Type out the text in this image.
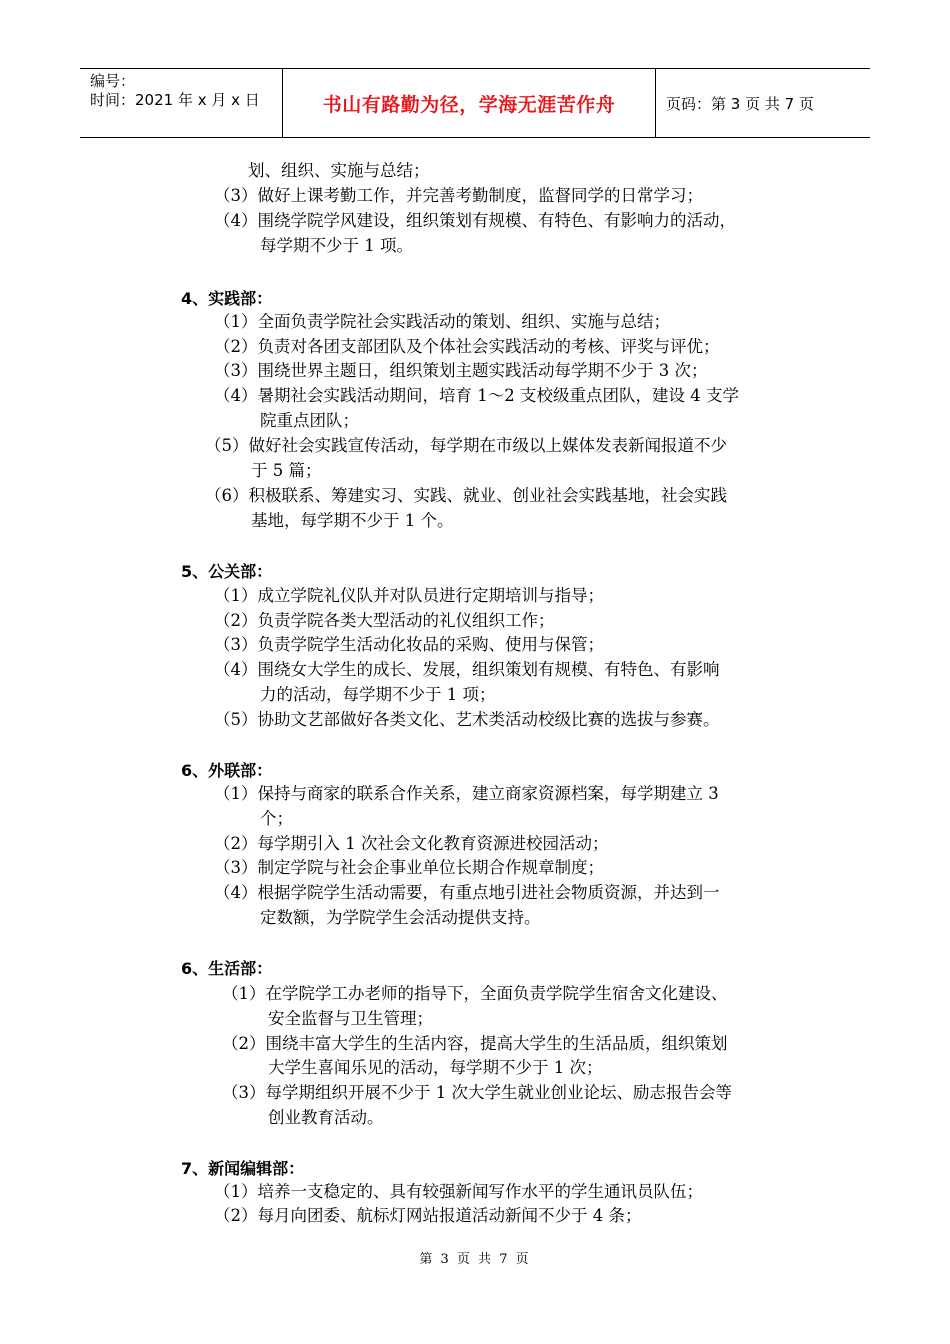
编号：
时间：2021 年 x 月 x 日	书山有路勤为径，学海无涯苦作舟	页码：第 3 页 共 7 页
划、组织、实施与总结；
（3）做好上课考勤工作，并完善考勤制度，监督同学的日常学习；
（4）围绕学院学风建设，组织策划有规模、有特色、有影响力的活动，
每学期不少于 1 项。
4、实践部：
（1）全面负责学院社会实践活动的策划、组织、实施与总结；
（2）负责对各团支部团队及个体社会实践活动的考核、评奖与评优；
（3）围绕世界主题日，组织策划主题实践活动每学期不少于 3 次；
（4）暑期社会实践活动期间，培育 1～2 支校级重点团队，建设 4 支学
院重点团队；
（5）做好社会实践宣传活动，每学期在市级以上媒体发表新闻报道不少
于 5 篇；
（6）积极联系、筹建实习、实践、就业、创业社会实践基地，社会实践
基地，每学期不少于 1 个。
5、公关部：
（1）成立学院礼仪队并对队员进行定期培训与指导；
（2）负责学院各类大型活动的礼仪组织工作；
（3）负责学院学生活动化妆品的采购、使用与保管；
（4）围绕女大学生的成长、发展，组织策划有规模、有特色、有影响
力的活动，每学期不少于 1 项；
（5）协助文艺部做好各类文化、艺术类活动校级比赛的选拔与参赛。
6、外联部：
（1）保持与商家的联系合作关系，建立商家资源档案，每学期建立 3
个；
（2）每学期引入 1 次社会文化教育资源进校园活动；
（3）制定学院与社会企事业单位长期合作规章制度；
（4）根据学院学生活动需要，有重点地引进社会物质资源，并达到一
定数额，为学院学生会活动提供支持。
6、生活部：
（1）在学院学工办老师的指导下，全面负责学院学生宿舍文化建设、
安全监督与卫生管理；
（2）围绕丰富大学生的生活内容，提高大学生的生活品质，组织策划
大学生喜闻乐见的活动，每学期不少于 1 次；
（3）每学期组织开展不少于 1 次大学生就业创业论坛、励志报告会等
创业教育活动。
7、新闻编辑部：
（1）培养一支稳定的、具有较强新闻写作水平的学生通讯员队伍；
（2）每月向团委、航标灯网站报道活动新闻不少于 4 条；
第 3 页 共 7 页
